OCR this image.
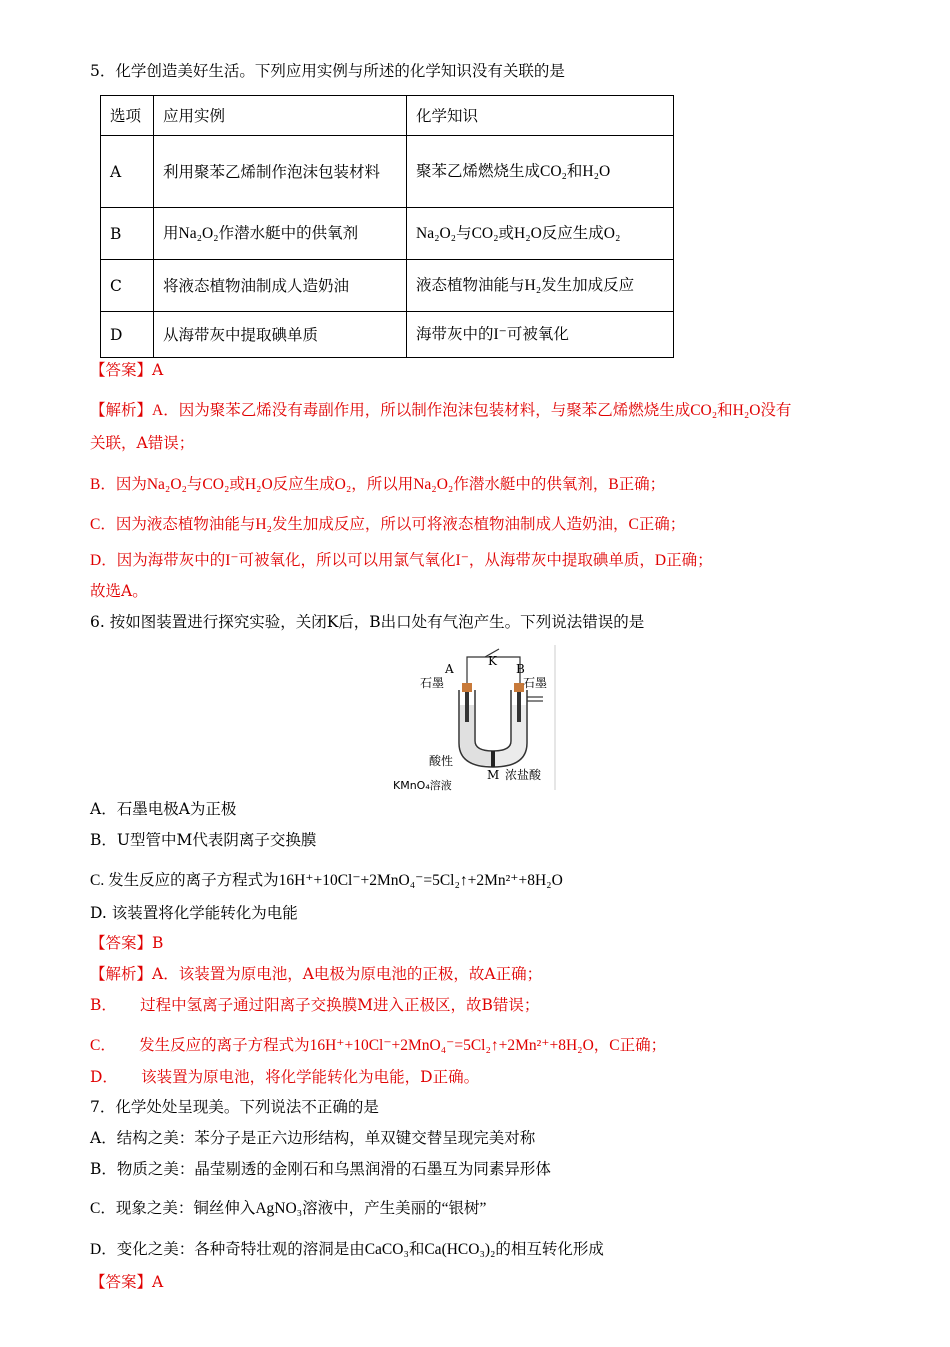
5．化学创造美好生活。下列应用实例与所述的化学知识没有关联的是
选项	应用实例	化学知识
A	利用聚苯乙烯制作泡沫包装材料	聚苯乙烯燃烧生成CO₂和H₂O
B	用Na₂O₂作潜水艇中的供氧剂	Na₂O₂与CO₂或H₂O反应生成O₂
C	将液态植物油制成人造奶油	液态植物油能与H₂发生加成反应
D	从海带灰中提取碘单质	海带灰中的I⁻可被氧化
【答案】A
【解析】A．因为聚苯乙烯没有毒副作用，所以制作泡沫包装材料，与聚苯乙烯燃烧生成CO₂和H₂O没有
关联，A错误；
B．因为Na₂O₂与CO₂或H₂O反应生成O₂，所以用Na₂O₂作潜水艇中的供氧剂，B正确；
C．因为液态植物油能与H₂发生加成反应，所以可将液态植物油制成人造奶油，C正确；
D．因为海带灰中的I⁻可被氧化，所以可以用氯气氧化I⁻，从海带灰中提取碘单质，D正确；
故选A。
6. 按如图装置进行探究实验，关闭K后，B出口处有气泡产生。下列说法错误的是
石墨
A
K
B
石墨
酸性
M 浓盐酸
KMnO₄溶液
A．石墨电极A为正极
B．U型管中M代表阴离子交换膜
C. 发生反应的离子方程式为16H⁺+10Cl⁻+2MnO₄⁻=5Cl₂↑+2Mn²⁺+8H₂O
D. 该装置将化学能转化为电能
【答案】B
【解析】A．该装置为原电池，A电极为原电池的正极，故A正确；
B．　　过程中氢离子通过阳离子交换膜M进入正极区，故B错误；
C．　　发生反应的离子方程式为16H⁺+10Cl⁻+2MnO₄⁻=5Cl₂↑+2Mn²⁺+8H₂O，C正确；
D．　　该装置为原电池，将化学能转化为电能，D正确。
7．化学处处呈现美。下列说法不正确的是
A．结构之美：苯分子是正六边形结构，单双键交替呈现完美对称
B．物质之美：晶莹剔透的金刚石和乌黑润滑的石墨互为同素异形体
C．现象之美：铜丝伸入AgNO₃溶液中，产生美丽的“银树”
D．变化之美：各种奇特壮观的溶洞是由CaCO₃和Ca(HCO₃)₂的相互转化形成
【答案】A
